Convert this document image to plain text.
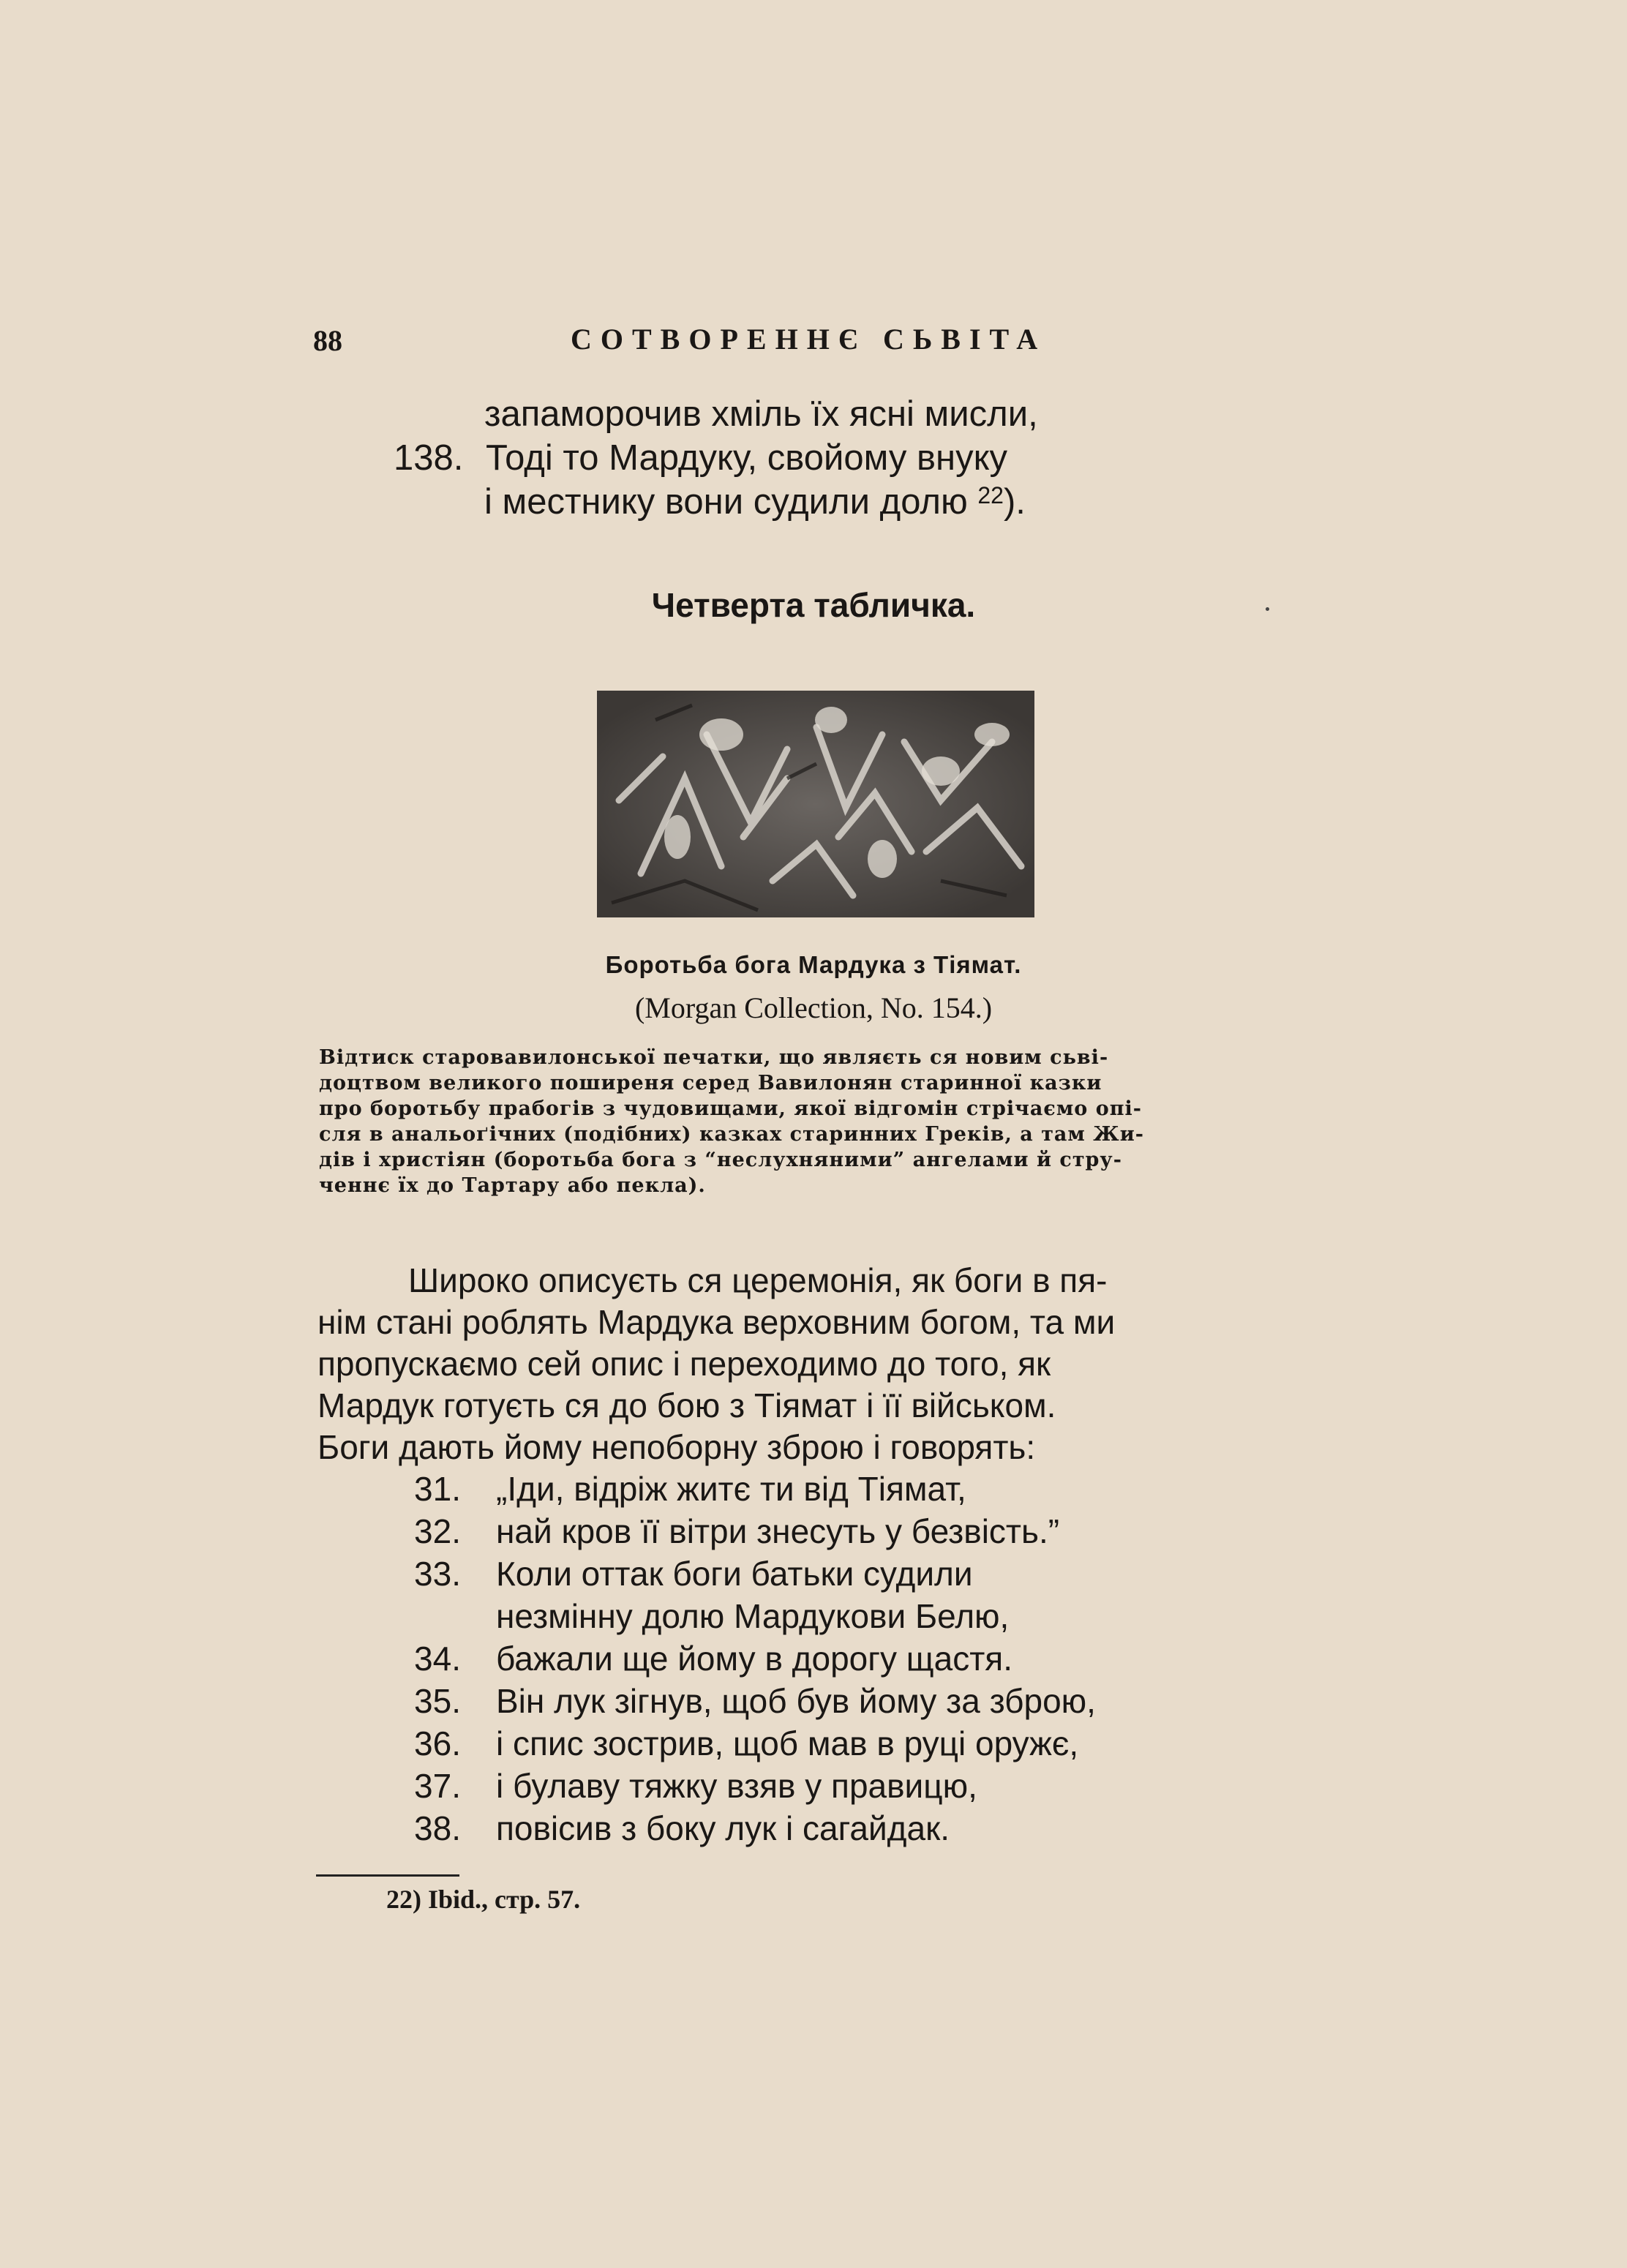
88	СОТВОРЕННЄ СЬВІТА
запаморочив хміль їх ясні мисли,
138. Тоді то Мардуку, свойому внуку
і местнику вони судили долю $^{22}$).
Четверта табличка.
Боротьба бога Мардука з Тіямат.
(Morgan Collection, No. 154.)
Відтиск старовавилонської печатки, що являєть ся новим сьві-
доцтвом великого поширеня серед Вавилонян старинної казки
про боротьбу прабогів з чудовищами, якої відгомін стрічаємо опі-
сля в анальоґічних (подібних) казках старинних Греків, а там Жи-
дів і христіян (боротьба бога з “неслухняними” ангелами й стру-
ченнє їх до Тартару або пекла).
Широко описуєть ся церемонія, як боги в пя-
нім стані роблять Мардука верховним богом, та ми
пропускаємо сей опис і переходимо до того, як
Мардук готуєть ся до бою з Тіямат і її військом.
Боги дають йому непоборну зброю і говорять:
31. „Іди, відріж житє ти від Тіямат,
32. най кров її вітри знесуть у безвість.”
33. Коли оттак боги батьки судили
незмінну долю Мардукови Белю,
34. бажали ще йому в дорогу щастя.
35. Він лук зігнув, щоб був йому за зброю,
36. і спис зострив, щоб мав в руці оружє,
37. і булаву тяжку взяв у правицю,
38. повісив з боку лук і сагайдак.
22) Ibid., стр. 57.
